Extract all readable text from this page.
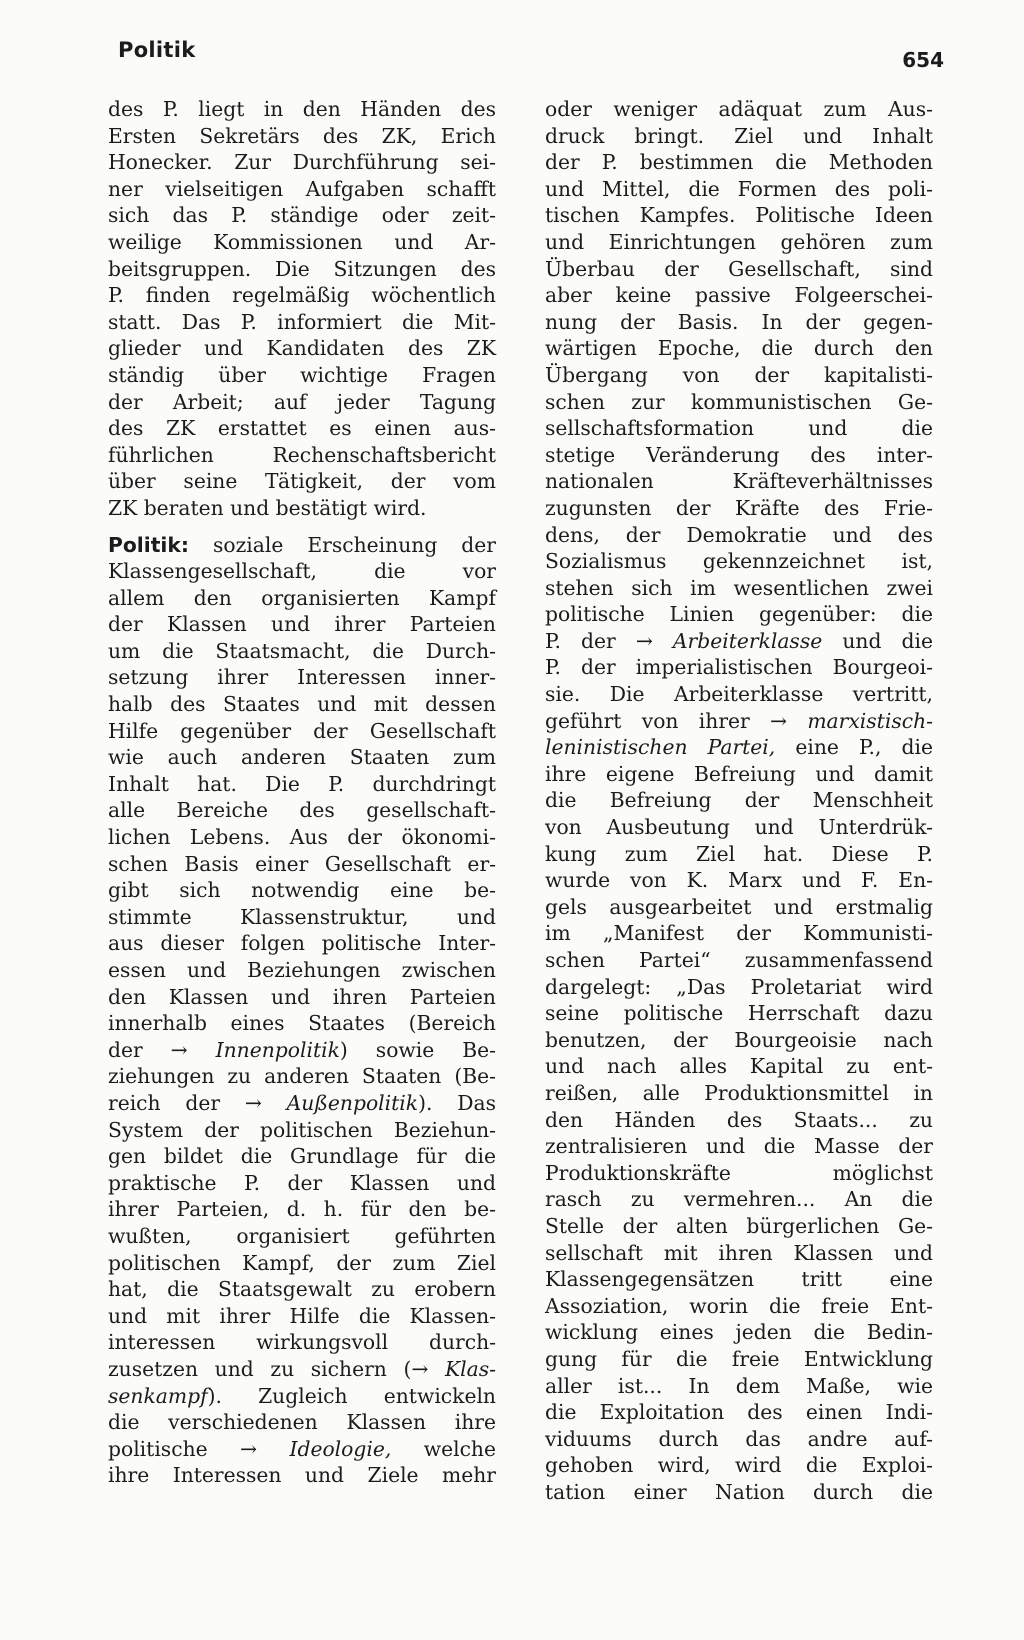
Politik	654
des P. liegt in den Händen des
Ersten Sekretärs des ZK, Erich
Honecker. Zur Durchführung sei-
ner vielseitigen Aufgaben schafft
sich das P. ständige oder zeit-
weilige Kommissionen und Ar-
beitsgruppen. Die Sitzungen des
P. finden regelmäßig wöchentlich
statt. Das P. informiert die Mit-
glieder und Kandidaten des ZK
ständig über wichtige Fragen
der Arbeit; auf jeder Tagung
des ZK erstattet es einen aus-
führlichen Rechenschaftsbericht
über seine Tätigkeit, der vom
ZK beraten und bestätigt wird.
Politik: soziale Erscheinung der
Klassengesellschaft, die vor
allem den organisierten Kampf
der Klassen und ihrer Parteien
um die Staatsmacht, die Durch-
setzung ihrer Interessen inner-
halb des Staates und mit dessen
Hilfe gegenüber der Gesellschaft
wie auch anderen Staaten zum
Inhalt hat. Die P. durchdringt
alle Bereiche des gesellschaft-
lichen Lebens. Aus der ökonomi-
schen Basis einer Gesellschaft er-
gibt sich notwendig eine be-
stimmte Klassenstruktur, und
aus dieser folgen politische Inter-
essen und Beziehungen zwischen
den Klassen und ihren Parteien
innerhalb eines Staates (Bereich
der → Innenpolitik) sowie Be-
ziehungen zu anderen Staaten (Be-
reich der → Außenpolitik). Das
System der politischen Beziehun-
gen bildet die Grundlage für die
praktische P. der Klassen und
ihrer Parteien, d. h. für den be-
wußten, organisiert geführten
politischen Kampf, der zum Ziel
hat, die Staatsgewalt zu erobern
und mit ihrer Hilfe die Klassen-
interessen wirkungsvoll durch-
zusetzen und zu sichern (→ Klas-
senkampf). Zugleich entwickeln
die verschiedenen Klassen ihre
politische → Ideologie, welche
ihre Interessen und Ziele mehr
oder weniger adäquat zum Aus-
druck bringt. Ziel und Inhalt
der P. bestimmen die Methoden
und Mittel, die Formen des poli-
tischen Kampfes. Politische Ideen
und Einrichtungen gehören zum
Überbau der Gesellschaft, sind
aber keine passive Folgeerschei-
nung der Basis. In der gegen-
wärtigen Epoche, die durch den
Übergang von der kapitalisti-
schen zur kommunistischen Ge-
sellschaftsformation und die
stetige Veränderung des inter-
nationalen Kräfteverhältnisses
zugunsten der Kräfte des Frie-
dens, der Demokratie und des
Sozialismus gekennzeichnet ist,
stehen sich im wesentlichen zwei
politische Linien gegenüber: die
P. der → Arbeiterklasse und die
P. der imperialistischen Bourgeoi-
sie. Die Arbeiterklasse vertritt,
geführt von ihrer → marxistisch-
leninistischen Partei, eine P., die
ihre eigene Befreiung und damit
die Befreiung der Menschheit
von Ausbeutung und Unterdrük-
kung zum Ziel hat. Diese P.
wurde von K. Marx und F. En-
gels ausgearbeitet und erstmalig
im „Manifest der Kommunisti-
schen Partei“ zusammenfassend
dargelegt: „Das Proletariat wird
seine politische Herrschaft dazu
benutzen, der Bourgeoisie nach
und nach alles Kapital zu ent-
reißen, alle Produktionsmittel in
den Händen des Staats... zu
zentralisieren und die Masse der
Produktionskräfte möglichst
rasch zu vermehren... An die
Stelle der alten bürgerlichen Ge-
sellschaft mit ihren Klassen und
Klassengegensätzen tritt eine
Assoziation, worin die freie Ent-
wicklung eines jeden die Bedin-
gung für die freie Entwicklung
aller ist... In dem Maße, wie
die Exploitation des einen Indi-
viduums durch das andre auf-
gehoben wird, wird die Exploi-
tation einer Nation durch die
